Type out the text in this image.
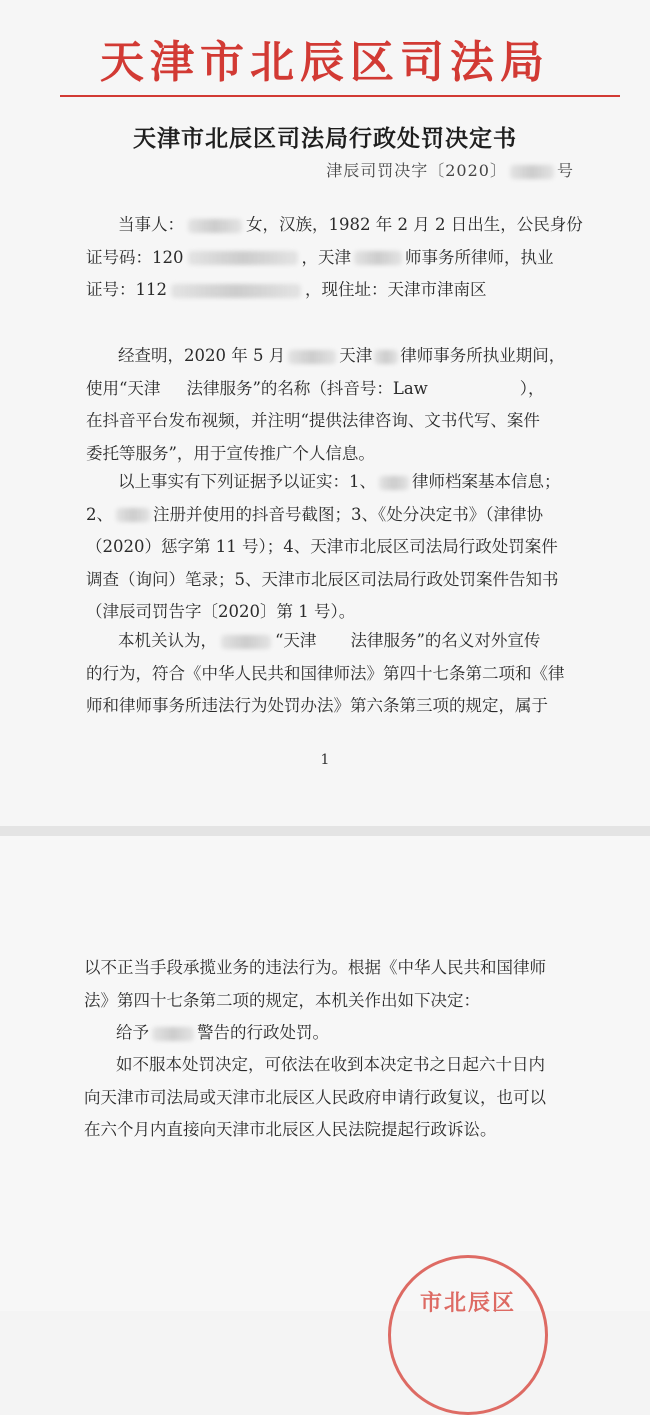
天津市北辰区司法局
天津市北辰区司法局行政处罚决定书
津辰司罚决字〔2020〕	号

当事人：	女，汉族，1982 年 2 月 2 日出生，公民身份
证号码：120	，天津	师事务所律师，执业
证号：112	，现住址：天津市津南区

经查明，2020 年 5 月	天津 律师事务所执业期间，
使用“天津 法律服务”的名称（抖音号：Law	），
在抖音平台发布视频，并注明“提供法律咨询、文书代写、案件
委托等服务”，用于宣传推广个人信息。

以上事实有下列证据予以证实：1、 律师档案基本信息；
2、 注册并使用的抖音号截图；3、《处分决定书》（津律协
（2020）惩字第 11 号）；4、天津市北辰区司法局行政处罚案件
调查（询问）笔录；5、天津市北辰区司法局行政处罚案件告知书
（津辰司罚告字〔2020〕第 1 号）。

本机关认为，	“天津 法律服务”的名义对外宣传
的行为，符合《中华人民共和国律师法》第四十七条第二项和《律
师和律师事务所违法行为处罚办法》第六条第三项的规定，属于

1

以不正当手段承揽业务的违法行为。根据《中华人民共和国律师
法》第四十七条第二项的规定，本机关作出如下决定：

给予	警告的行政处罚。

如不服本处罚决定，可依法在收到本决定书之日起六十日内
向天津市司法局或天津市北辰区人民政府申请行政复议，也可以
在六个月内直接向天津市北辰区人民法院提起行政诉讼。

市北辰区
